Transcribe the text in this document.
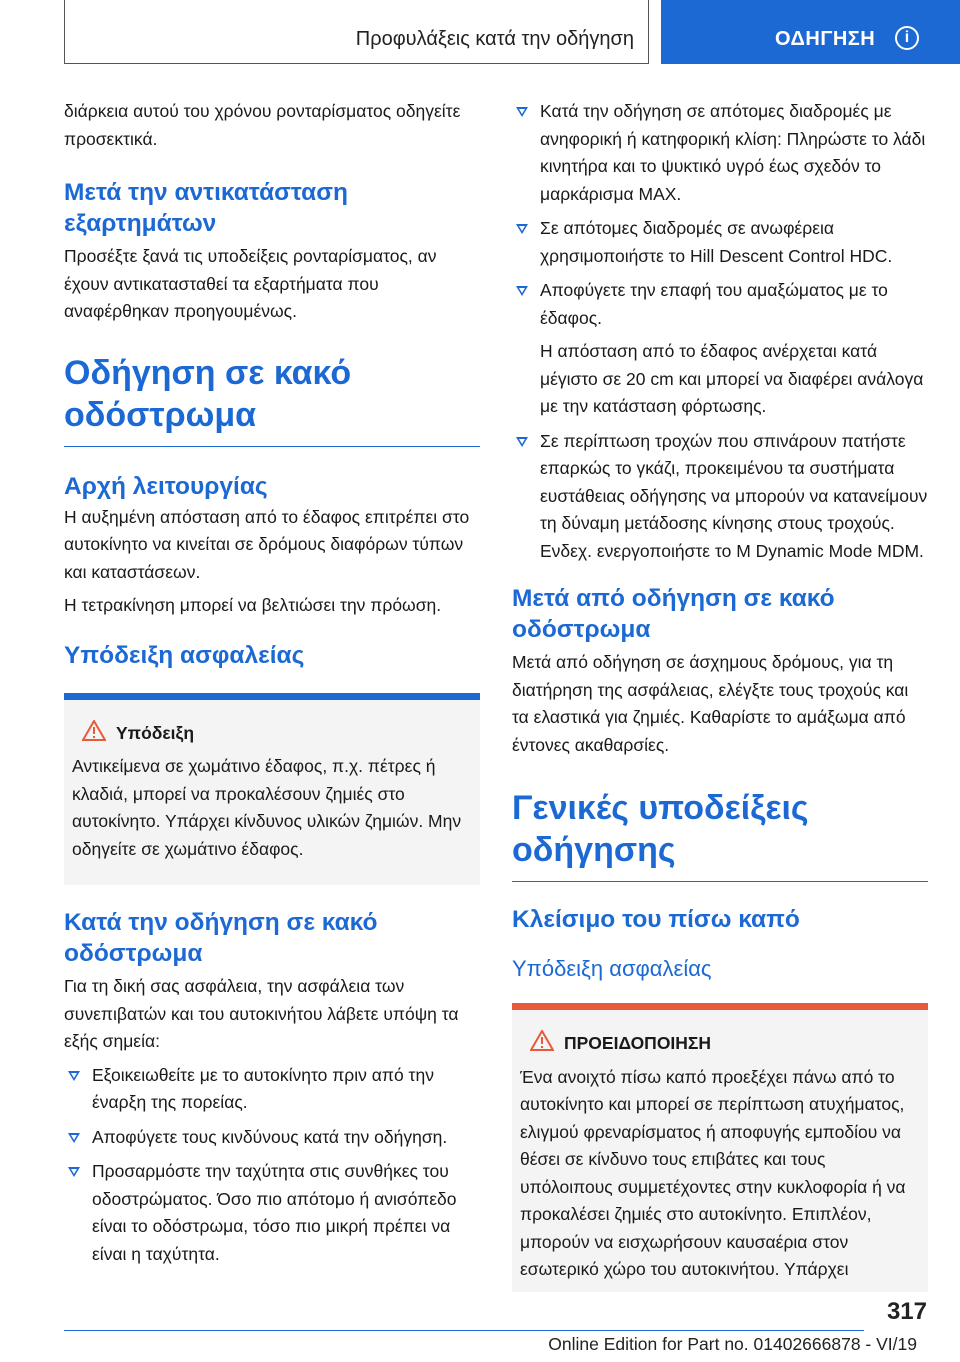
Προφυλάξεις κατά την οδήγηση	ΟΔΗΓΗΣΗ	i

διάρκεια αυτού του χρόνου ρονταρίσματος οδηγείτε προσεκτικά.

Μετά την αντικατάσταση εξαρτημάτων

Προσέξτε ξανά τις υποδείξεις ρονταρίσματος, αν έχουν αντικατασταθεί τα εξαρτήματα που αναφέρθηκαν προηγουμένως.

Οδήγηση σε κακό οδόστρωμα
Αρχή λειτουργίας

Η αυξημένη απόσταση από το έδαφος επιτρέπει στο αυτοκίνητο να κινείται σε δρόμους διαφόρων τύπων και καταστάσεων.

Η τετρακίνηση μπορεί να βελτιώσει την πρόωση.

Υπόδειξη ασφαλείας
Υπόδειξη

Αντικείμενα σε χωμάτινο έδαφος, π.χ. πέτρες ή κλαδιά, μπορεί να προκαλέσουν ζημιές στο αυτοκίνητο. Υπάρχει κίνδυνος υλικών ζημιών. Μην οδηγείτε σε χωμάτινο έδαφος.

Κατά την οδήγηση σε κακό οδόστρωμα

Για τη δική σας ασφάλεια, την ασφάλεια των συνεπιβατών και του αυτοκινήτου λάβετε υπόψη τα εξής σημεία:

Εξοικειωθείτε με το αυτοκίνητο πριν από την έναρξη της πορείας.
Αποφύγετε τους κινδύνους κατά την οδήγηση.
Προσαρμόστε την ταχύτητα στις συνθήκες του οδοστρώματος. Όσο πιο απότομο ή ανισόπεδο είναι το οδόστρωμα, τόσο πιο μικρή πρέπει να είναι η ταχύτητα.
Κατά την οδήγηση σε απότομες διαδρομές με ανηφορική ή κατηφορική κλίση: Πληρώστε το λάδι κινητήρα και το ψυκτικό υγρό έως σχεδόν το μαρκάρισμα MAX.
Σε απότομες διαδρομές σε ανωφέρεια χρησιμοποιήστε το Hill Descent Control HDC.
Αποφύγετε την επαφή του αμαξώματος με το έδαφος.

Η απόσταση από το έδαφος ανέρχεται κατά μέγιστο σε 20 cm και μπορεί να διαφέρει ανάλογα με την κατάσταση φόρτωσης.

Σε περίπτωση τροχών που σπινάρουν πατήστε επαρκώς το γκάζι, προκειμένου τα συστήματα ευστάθειας οδήγησης να μπορούν να κατανείμουν τη δύναμη μετάδοσης κίνησης στους τροχούς. Ενδεχ. ενεργοποιήστε το M Dynamic Mode MDM.
Μετά από οδήγηση σε κακό οδόστρωμα

Μετά από οδήγηση σε άσχημους δρόμους, για τη διατήρηση της ασφάλειας, ελέγξτε τους τροχούς και τα ελαστικά για ζημιές. Καθαρίστε το αμάξωμα από έντονες ακαθαρσίες.

Γενικές υποδείξεις οδήγησης
Κλείσιμο του πίσω καπό
Υπόδειξη ασφαλείας
ΠΡΟΕΙΔΟΠΟΙΗΣΗ

Ένα ανοιχτό πίσω καπό προεξέχει πάνω από το αυτοκίνητο και μπορεί σε περίπτωση ατυχήματος, ελιγμού φρεναρίσματος ή αποφυγής εμποδίου να θέσει σε κίνδυνο τους επιβάτες και τους υπόλοιπους συμμετέχοντες στην κυκλοφορία ή να προκαλέσει ζημιές στο αυτοκίνητο. Επιπλέον, μπορούν να εισχωρήσουν καυσαέρια στον εσωτερικό χώρο του αυτοκινήτου. Υπάρχει

317
Online Edition for Part no. 01402666878 - VI/19
